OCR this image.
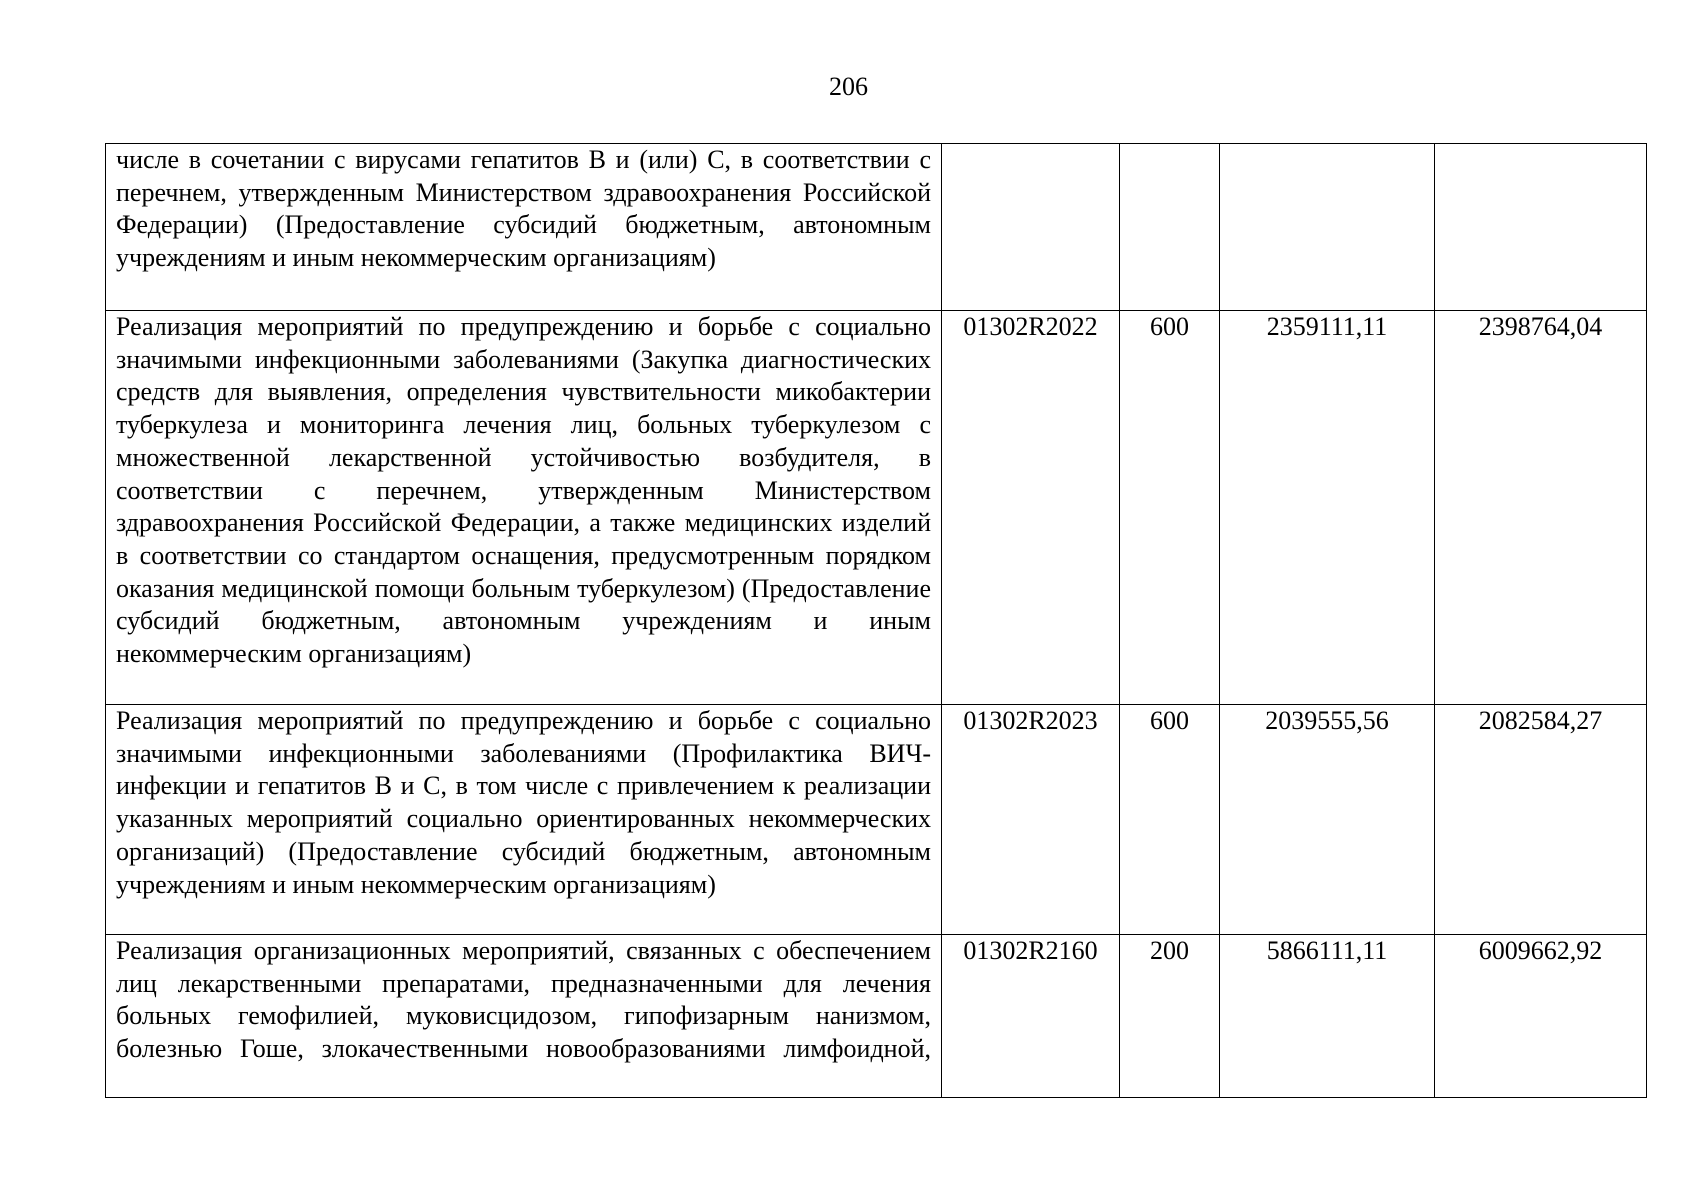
206
числе в сочетании с вирусами гепатитов В и (или) С, в соответствии с перечнем, утвержденным Министерством здравоохранения Российской Федерации) (Предоставление субсидий бюджетным, автономным учреждениям и иным некоммерческим организациям)				
Реализация мероприятий по предупреждению и борьбе с социально значимыми инфекционными заболеваниями (Закупка диагностических средств для выявления, определения чувствительности микобактерии туберкулеза и мониторинга лечения лиц, больных туберкулезом с множественной лекарственной устойчивостью возбудителя, в соответствии с перечнем, утвержденным Министерством здравоохранения Российской Федерации, а также медицинских изделий в соответствии со стандартом оснащения, предусмотренным порядком оказания медицинской помощи больным туберкулезом) (Предоставление субсидий бюджетным, автономным учреждениям и иным некоммерческим организациям)	01302R2022	600	2359111,11	2398764,04
Реализация мероприятий по предупреждению и борьбе с социально значимыми инфекционными заболеваниями (Профилактика ВИЧ-инфекции и гепатитов В и С, в том числе с привлечением к реализации указанных мероприятий социально ориентированных некоммерческих организаций) (Предоставление субсидий бюджетным, автономным учреждениям и иным некоммерческим организациям)	01302R2023	600	2039555,56	2082584,27
Реализация организационных мероприятий, связанных с обеспечением лиц лекарственными препаратами, предназначенными для лечения больных гемофилией, муковисцидозом, гипофизарным нанизмом, болезнью Гоше, злокачественными новообразованиями лимфоидной,	01302R2160	200	5866111,11	6009662,92
